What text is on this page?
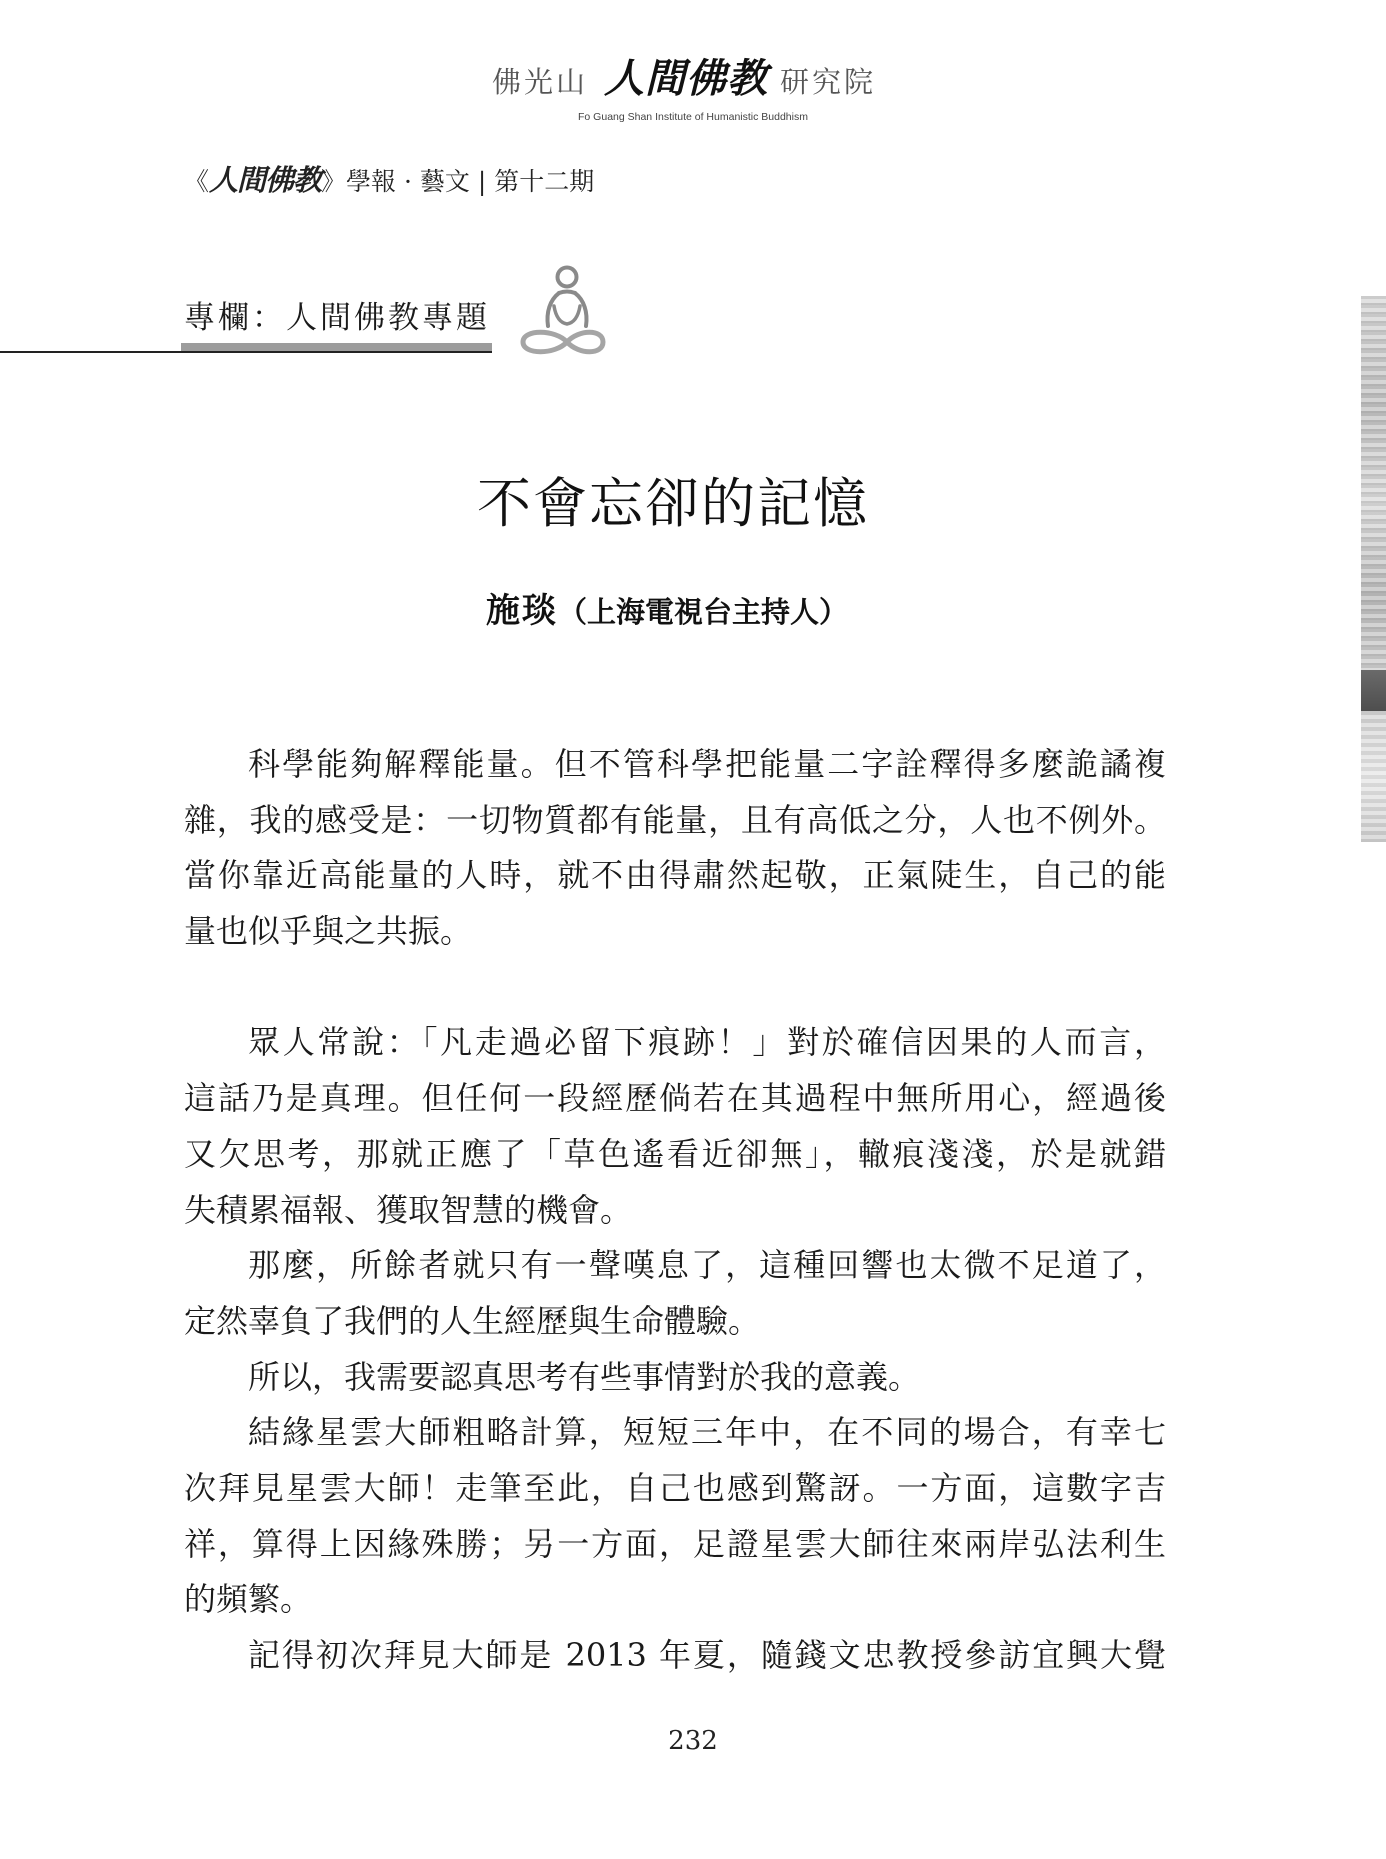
佛光山 人間佛教 研究院
Fo Guang Shan Institute of Humanistic Buddhism
《人間佛教》學報 · 藝文 | 第十二期
專欄：人間佛教專題
不會忘卻的記憶
施琰（上海電視台主持人）
科學能夠解釋能量。但不管科學把能量二字詮釋得多麼詭譎複
雜，我的感受是：一切物質都有能量，且有高低之分，人也不例外。
當你靠近高能量的人時，就不由得肅然起敬，正氣陡生，自己的能
量也似乎與之共振。
眾人常說：「凡走過必留下痕跡！」對於確信因果的人而言，
這話乃是真理。但任何一段經歷倘若在其過程中無所用心，經過後
又欠思考，那就正應了「草色遙看近卻無」，轍痕淺淺，於是就錯
失積累福報、獲取智慧的機會。
那麼，所餘者就只有一聲嘆息了，這種回響也太微不足道了，
定然辜負了我們的人生經歷與生命體驗。
所以，我需要認真思考有些事情對於我的意義。
結緣星雲大師粗略計算，短短三年中，在不同的場合，有幸七
次拜見星雲大師！走筆至此，自己也感到驚訝。一方面，這數字吉
祥，算得上因緣殊勝；另一方面，足證星雲大師往來兩岸弘法利生
的頻繁。
記得初次拜見大師是 2013 年夏，隨錢文忠教授參訪宜興大覺
232
